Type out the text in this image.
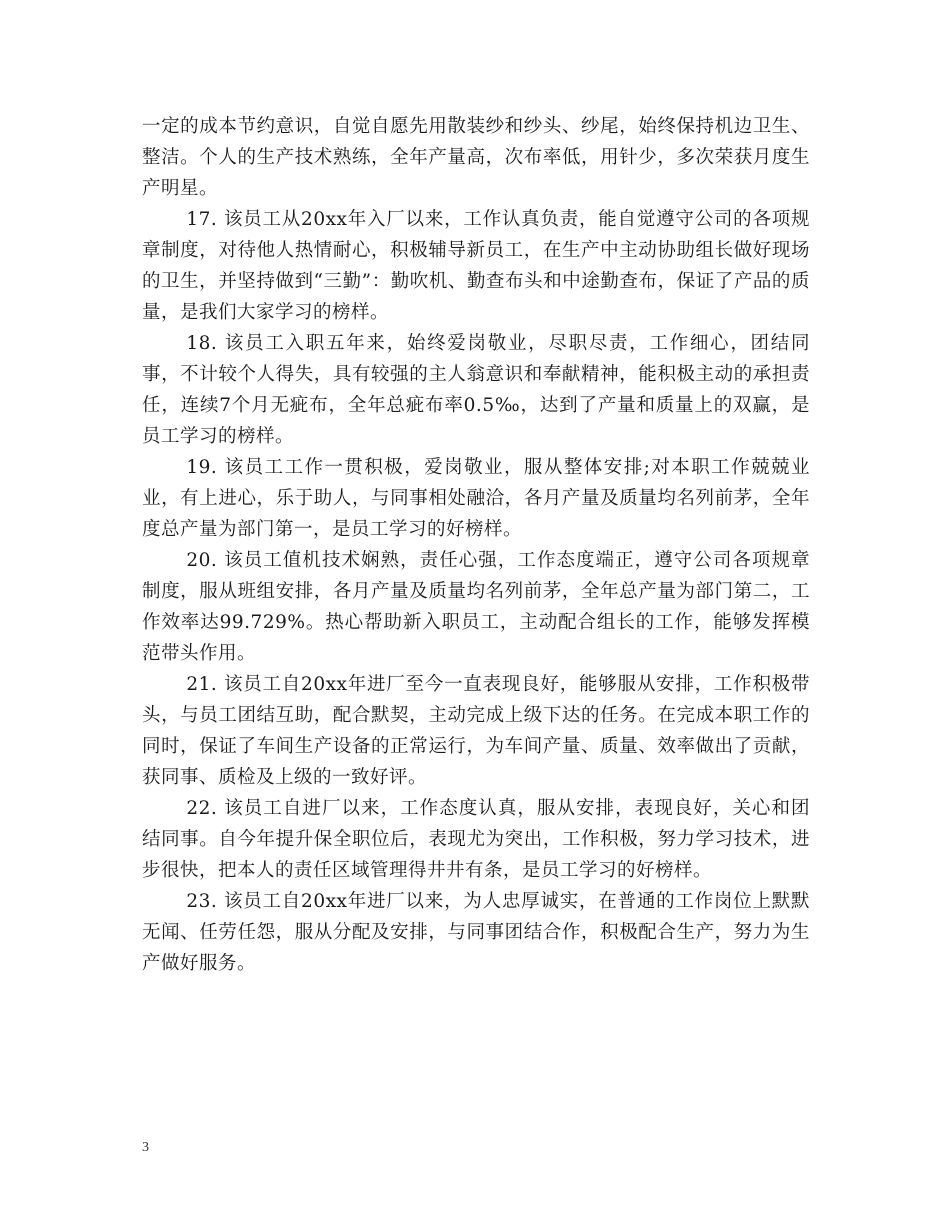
一定的成本节约意识，自觉自愿先用散装纱和纱头、纱尾，始终保持机边卫生、整洁。个人的生产技术熟练，全年产量高，次布率低，用针少，多次荣获月度生产明星。

17. 该员工从20xx年入厂以来，工作认真负责，能自觉遵守公司的各项规章制度，对待他人热情耐心，积极辅导新员工，在生产中主动协助组长做好现场的卫生，并坚持做到“三勤”：勤吹机、勤查布头和中途勤查布，保证了产品的质量，是我们大家学习的榜样。

18. 该员工入职五年来，始终爱岗敬业，尽职尽责，工作细心，团结同事，不计较个人得失，具有较强的主人翁意识和奉献精神，能积极主动的承担责任，连续7个月无疵布，全年总疵布率0.5‰，达到了产量和质量上的双赢，是员工学习的榜样。

19. 该员工工作一贯积极，爱岗敬业，服从整体安排;对本职工作兢兢业业，有上进心，乐于助人，与同事相处融洽，各月产量及质量均名列前茅，全年度总产量为部门第一，是员工学习的好榜样。

20. 该员工值机技术娴熟，责任心强，工作态度端正，遵守公司各项规章制度，服从班组安排，各月产量及质量均名列前茅，全年总产量为部门第二，工作效率达99.729%。热心帮助新入职员工，主动配合组长的工作，能够发挥模范带头作用。

21. 该员工自20xx年进厂至今一直表现良好，能够服从安排，工作积极带头，与员工团结互助，配合默契，主动完成上级下达的任务。在完成本职工作的同时，保证了车间生产设备的正常运行，为车间产量、质量、效率做出了贡献，获同事、质检及上级的一致好评。

22. 该员工自进厂以来，工作态度认真，服从安排，表现良好，关心和团结同事。自今年提升保全职位后，表现尤为突出，工作积极，努力学习技术，进步很快，把本人的责任区域管理得井井有条，是员工学习的好榜样。

23. 该员工自20xx年进厂以来，为人忠厚诚实，在普通的工作岗位上默默无闻、任劳任怨，服从分配及安排，与同事团结合作，积极配合生产，努力为生产做好服务。

3
